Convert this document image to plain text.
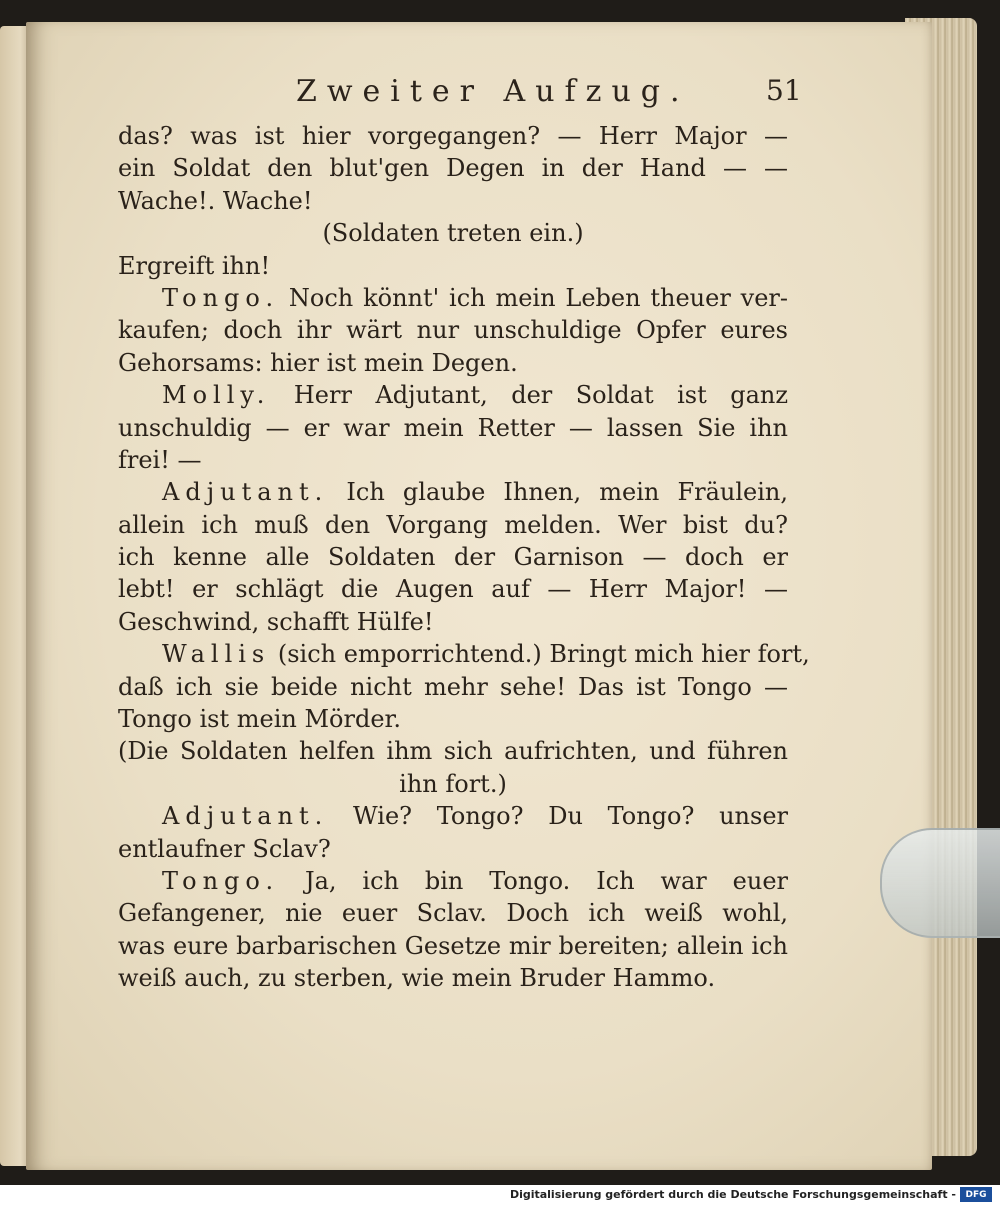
Zweiter Aufzug.	51
das? was ist hier vorgegangen? — Herr Major —
ein Soldat den blut'gen Degen in der Hand — —
Wache!. Wache!
(Soldaten treten ein.)
Ergreift ihn!
Tongo. Noch könnt' ich mein Leben theuer ver-
kaufen; doch ihr wärt nur unschuldige Opfer eures
Gehorsams: hier ist mein Degen.
Molly. Herr Adjutant, der Soldat ist ganz
unschuldig — er war mein Retter — lassen Sie ihn
frei! —
Adjutant. Ich glaube Ihnen, mein Fräulein,
allein ich muß den Vorgang melden. Wer bist du?
ich kenne alle Soldaten der Garnison — doch er
lebt! er schlägt die Augen auf — Herr Major! —
Geschwind, schafft Hülfe!
Wallis (sich emporrichtend.) Bringt mich hier fort,
daß ich sie beide nicht mehr sehe! Das ist Tongo —
Tongo ist mein Mörder.
(Die Soldaten helfen ihm sich aufrichten, und führen
ihn fort.)
Adjutant. Wie? Tongo? Du Tongo? unser
entlaufner Sclav?
Tongo. Ja, ich bin Tongo. Ich war euer
Gefangener, nie euer Sclav. Doch ich weiß wohl,
was eure barbarischen Gesetze mir bereiten; allein ich
weiß auch, zu sterben, wie mein Bruder Hammo.
Digitalisierung gefördert durch die Deutsche Forschungsgemeinschaft -	DFG
